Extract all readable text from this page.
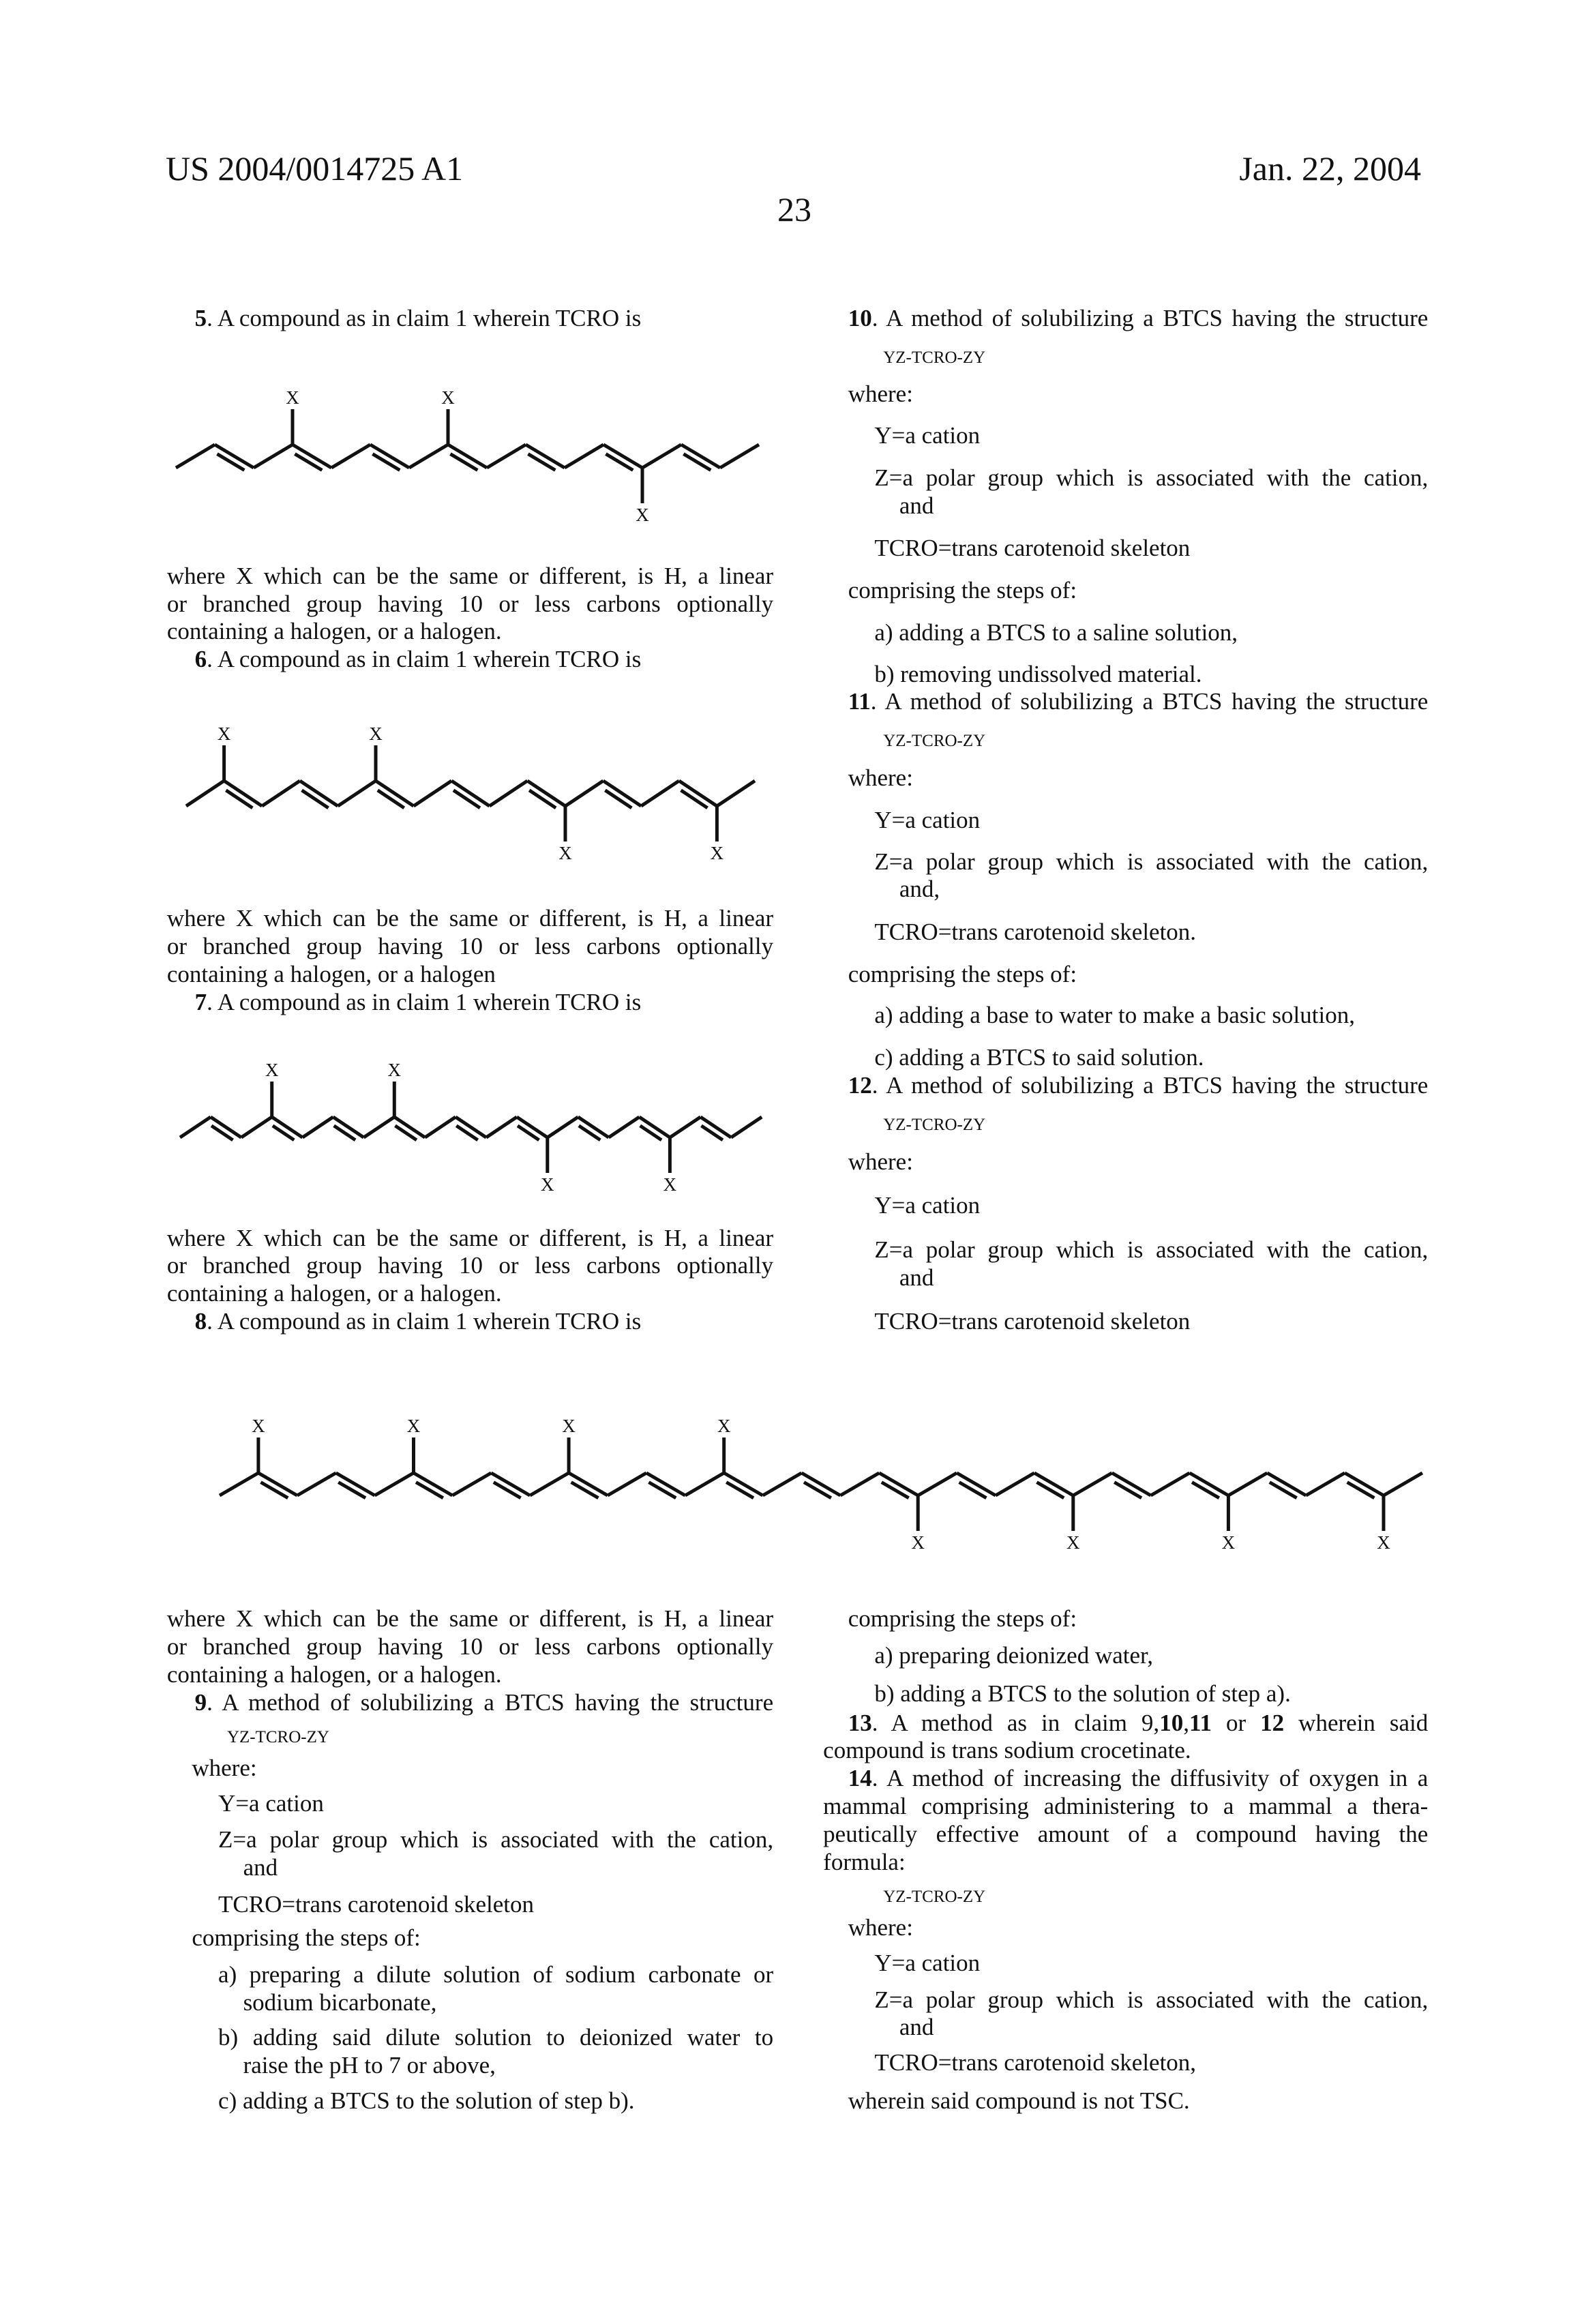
US 2004/0014725 A1	Jan. 22, 2004
23
5. A compound as in claim 1 wherein TCRO is
where X which can be the same or different, is H, a linear
or branched group having 10 or less carbons optionally
containing a halogen, or a halogen.
6. A compound as in claim 1 wherein TCRO is
where X which can be the same or different, is H, a linear
or branched group having 10 or less carbons optionally
containing a halogen, or a halogen
7. A compound as in claim 1 wherein TCRO is
where X which can be the same or different, is H, a linear
or branched group having 10 or less carbons optionally
containing a halogen, or a halogen.
8. A compound as in claim 1 wherein TCRO is
10. A method of solubilizing a BTCS having the structure
YZ-TCRO-ZY
where:
Y=a cation
Z=a polar group which is associated with the cation,
and
TCRO=trans carotenoid skeleton
comprising the steps of:
a) adding a BTCS to a saline solution,
b) removing undissolved material.
11. A method of solubilizing a BTCS having the structure
YZ-TCRO-ZY
where:
Y=a cation
Z=a polar group which is associated with the cation,
and,
TCRO=trans carotenoid skeleton.
comprising the steps of:
a) adding a base to water to make a basic solution,
c) adding a BTCS to said solution.
12. A method of solubilizing a BTCS having the structure
YZ-TCRO-ZY
where:
Y=a cation
Z=a polar group which is associated with the cation,
and
TCRO=trans carotenoid skeleton
where X which can be the same or different, is H, a linear
or branched group having 10 or less carbons optionally
containing a halogen, or a halogen.
9. A method of solubilizing a BTCS having the structure
YZ-TCRO-ZY
where:
Y=a cation
Z=a polar group which is associated with the cation,
and
TCRO=trans carotenoid skeleton
comprising the steps of:
a) preparing a dilute solution of sodium carbonate or
sodium bicarbonate,
b) adding said dilute solution to deionized water to
raise the pH to 7 or above,
c) adding a BTCS to the solution of step b).
comprising the steps of:
a) preparing deionized water,
b) adding a BTCS to the solution of step a).
13. A method as in claim 9,10,11 or 12 wherein said
compound is trans sodium crocetinate.
14. A method of increasing the diffusivity of oxygen in a
mammal comprising administering to a mammal a thera-
peutically effective amount of a compound having the
formula:
YZ-TCRO-ZY
where:
Y=a cation
Z=a polar group which is associated with the cation,
and
TCRO=trans carotenoid skeleton,
wherein said compound is not TSC.
X	X
X
X	X
X	X
X	X
X	X
X	X	X	X
X	X	X	X
